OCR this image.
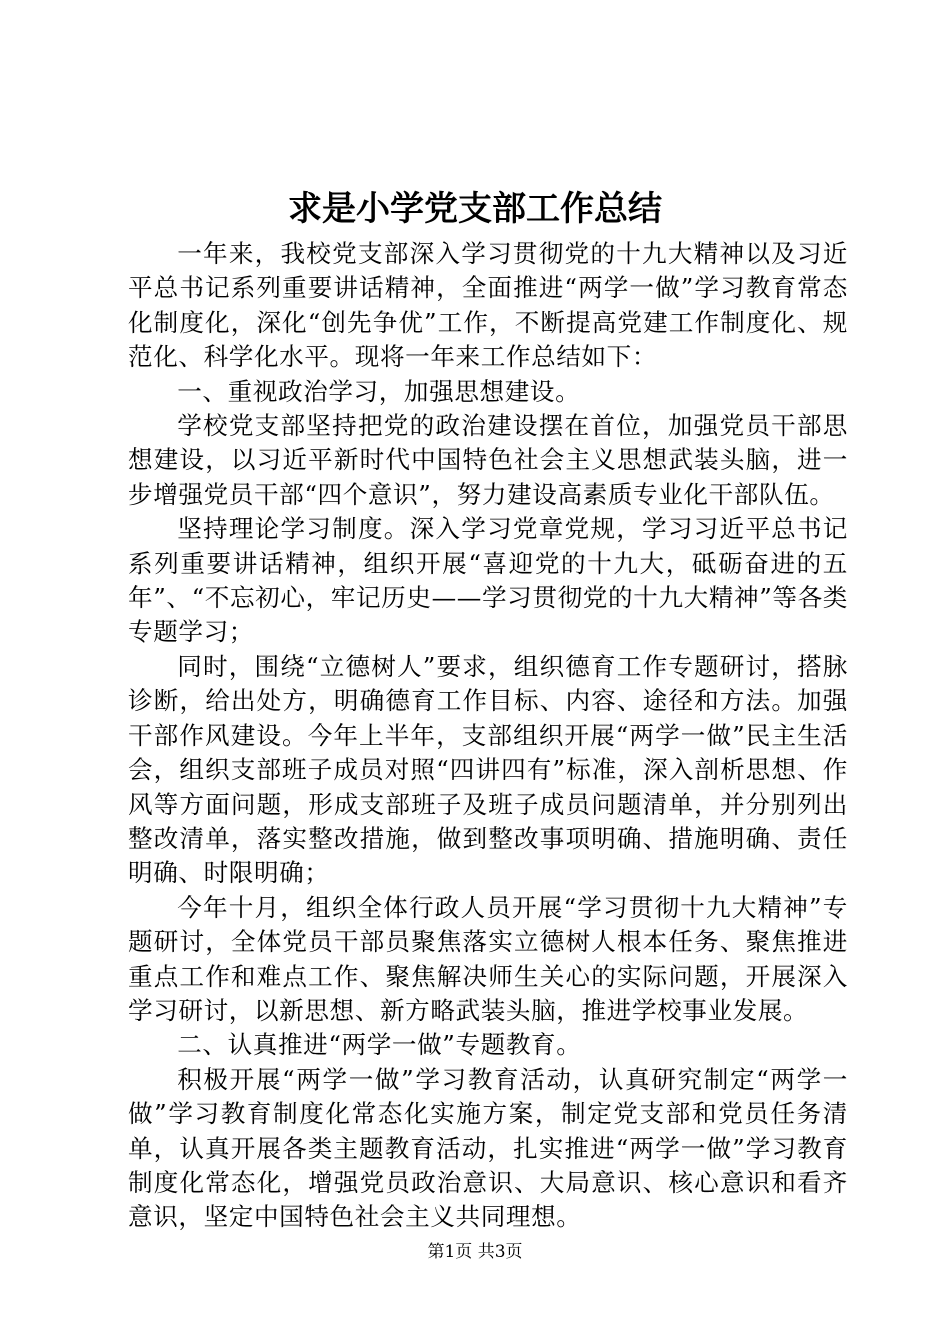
求是小学党支部工作总结

一年来，我校党支部深入学习贯彻党的十九大精神以及习近平总书记系列重要讲话精神，全面推进“两学一做”学习教育常态化制度化，深化“创先争优”工作，不断提高党建工作制度化、规范化、科学化水平。现将一年来工作总结如下：

一、重视政治学习，加强思想建设。

学校党支部坚持把党的政治建设摆在首位，加强党员干部思想建设，以习近平新时代中国特色社会主义思想武装头脑，进一步增强党员干部“四个意识”，努力建设高素质专业化干部队伍。

坚持理论学习制度。深入学习党章党规，学习习近平总书记系列重要讲话精神，组织开展“喜迎党的十九大，砥砺奋进的五年”、“不忘初心，牢记历史——学习贯彻党的十九大精神”等各类专题学习；

同时，围绕“立德树人”要求，组织德育工作专题研讨，搭脉诊断，给出处方，明确德育工作目标、内容、途径和方法。加强干部作风建设。今年上半年，支部组织开展“两学一做”民主生活会，组织支部班子成员对照“四讲四有”标准，深入剖析思想、作风等方面问题，形成支部班子及班子成员问题清单，并分别列出整改清单，落实整改措施，做到整改事项明确、措施明确、责任明确、时限明确；

今年十月，组织全体行政人员开展“学习贯彻十九大精神”专题研讨，全体党员干部员聚焦落实立德树人根本任务、聚焦推进重点工作和难点工作、聚焦解决师生关心的实际问题，开展深入学习研讨，以新思想、新方略武装头脑，推进学校事业发展。

二、认真推进“两学一做”专题教育。

积极开展“两学一做”学习教育活动，认真研究制定“两学一做”学习教育制度化常态化实施方案，制定党支部和党员任务清单，认真开展各类主题教育活动，扎实推进“两学一做”学习教育制度化常态化，增强党员政治意识、大局意识、核心意识和看齐意识，坚定中国特色社会主义共同理想。

第1页 共3页
